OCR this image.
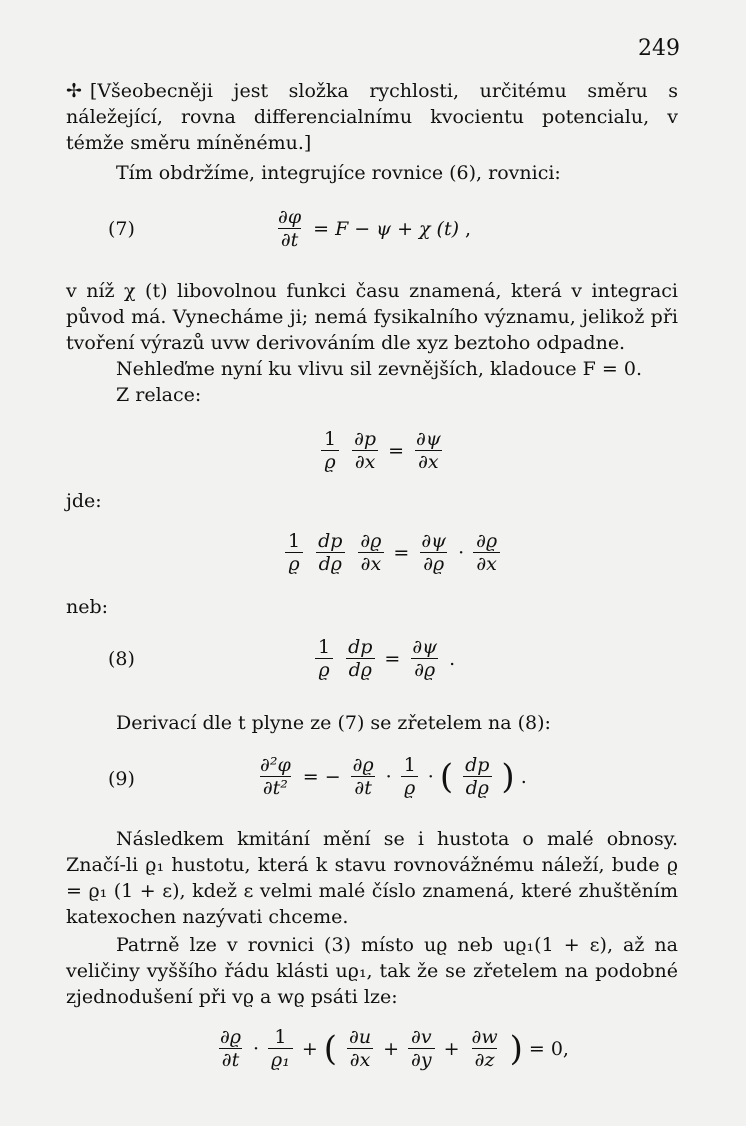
249
✢ [Všeobecněji jest složka rychlosti, určitému směru s náležející, rovna differencialnímu kvocientu potencialu, v témže směru míněnému.]
Tím obdržíme, integrujíce rovnice (6), rovnici:
(7)	$\frac{\partial\varphi}{\partial t} = F - \psi + \chi$ (t) ,
v níž χ (t) libovolnou funkci času znamená, která v integraci původ má. Vynecháme ji; nemá fysikalního významu, jelikož při tvoření výrazů uvw derivováním dle xyz beztoho odpadne.
Nehleďme nyní ku vlivu sil zevnějších, kladouce F = 0.
Z relace:
$\frac{1}{ϱ} \frac{\partial p}{\partial x} = \frac{\partial\psi}{\partial x}$
jde:
$\frac{1}{ϱ} \frac{dp}{dϱ} \frac{\partial ϱ}{\partial x} = \frac{\partial\psi}{\partial ϱ} \cdot \frac{\partial ϱ}{\partial x}$
neb:
(8)	$\frac{1}{ϱ} \frac{dp}{dϱ} = \frac{\partial\psi}{\partial ϱ}$ .
Derivací dle t plyne ze (7) se zřetelem na (8):
(9)	$\frac{\text{∂²φ}}{\text{∂t²}}$ = − $\frac{\partial ϱ}{\partial t} \cdot \frac{1}{ϱ}$ · ( $\frac{dp}{dϱ}$ ) .
Následkem kmitání mění se i hustota o malé obnosy. Značí-li ϱ₁ hustotu, která k stavu rovnovážnému náleží, bude ϱ = ϱ₁ (1 + ε), kdež ε velmi malé číslo znamená, které zhuštěním katexochen nazývati chceme.
Patrně lze v rovnici (3) místo uϱ neb uϱ₁(1 + ε), až na veličiny vyššího řádu klásti uϱ₁, tak že se zřetelem na podobné zjednodušení při vϱ a wϱ psáti lze:
$\frac{\partial ϱ}{\partial t} \cdot \frac{1}{\text{ϱ₁}}$ + ( $\frac{\partial u}{\partial x} + \frac{\partial v}{\partial y} + \frac{\partial w}{\partial z}$ ) = 0,
